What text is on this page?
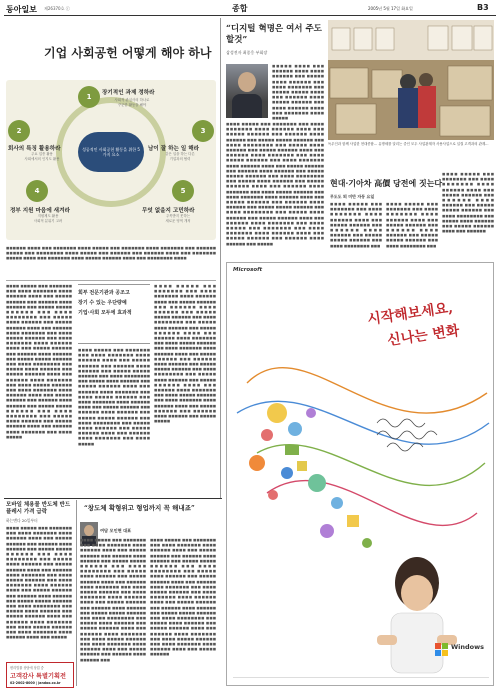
동아일보 제26370호 ⓒ	종합	2005년 5월 17일 화요일	B3
기업 사회공헌 어떻게 해야 하나
성공적인 사회공헌 활동을 위한 5가지 요소
1	장기적인 과제 정하라
사회적 관심사의 하나로
꾸준한 활동을 해야
2
회사의 특징 활용하라
주요 업종 활용
사회에서의 인지도 활용
3
남이 잘 하는 일 해라
같은 일을 하는 다른
기업과의 협력
4
정부 지원 마음에 새겨라
지원제도 활용
사회적 분위기 고려
5
무엇 없을지 고민하라
주목받지 못하는
새로운 영역 개척
■■■■■■ ■■■■ ■■■ ■■■■■■■ ■■■■ ■■■■■ ■■■ ■■■■■■■ ■■■■ ■■■■■■■ ■■■ ■■■■■■ ■■■■■ ■■■ ■■■■■■■■ ■■■■ ■■■■■ ■■■ ■■■■■■ ■■■ ■■■■■■ ■■■■ ■■■ ■■■■■■■ ■■■■■ ■■■■ ■■■ ■■■■■■■ ■■■■ ■■■■■ ■■■■■■ ■■■■ ■■■ ■■■■■■■■ ■■■■
■■■■ ■■■■■ ■■■ ■■■■■■■ ■■■ ■■■■ ■■■■■■■ ■■■■ ■■■■■■ ■■■■ ■■■ ■■■■■ ■■■■■■ ■■■ ■■■■■■ ■■■■ ■■■■■■ ■■■ ■■■■■ ■■■■■ ■■■■■■ ■■■ ■■■■ ■■■■■■■■ ■■■ ■■■■■ ■■■■ ■■■■■■ ■■■ ■■■■■ ■■■■■■ ■■■■ ■■■ ■■■■■■ ■■■■ ■■■■■■■ ■■■ ■■■■ ■■■■■ ■■■■■■ ■■■ ■■■■ ■■■■■■■ ■■■■ ■■■■■■ ■■■■ ■■■ ■■■■■ ■■■■■■ ■■■ ■■■■■■ ■■■■ ■■■■■■ ■■■ ■■■■■ ■■■■■ ■■■■■■ ■■■ ■■■■ ■■■■■■■■ ■■■ ■■■■■ ■■■■ ■■■■■■ ■■■ ■■■■■ ■■■■■■ ■■■■ ■■■ ■■■■■■ ■■■■ ■■■■■■■ ■■■ ■■■■ ■■■■■ ■■■■■■ ■■■ ■■■■ ■■■■■■■ ■■■■ ■■■■■■ ■■■■ ■■■ ■■■■■ ■■■■■■ ■■■ ■■■■■■ ■■■■ ■■■■■■ ■■■ ■■■■■ ■■■■■ ■■■■■■ ■■■ ■■■■ ■■■■■■■■ ■■■ ■■■■■ ■■■■ ■■■■■■ ■■■ ■■■■■ ■■■■■■ ■■■■ ■■■ ■■■■■■ ■■■■ ■■■■■■■ ■■■ ■■■■ ■■■■■
회부 전문기관과 공조고
장기 수 있는 우단량예
기업·사회 모두에 효과적
■■■■ ■■■■■ ■■■ ■■■■■■■ ■■■ ■■■■ ■■■■■■■ ■■■■ ■■■■■■ ■■■■ ■■■ ■■■■■ ■■■■■■ ■■■ ■■■■■■ ■■■■ ■■■■■■ ■■■ ■■■■■ ■■■■■ ■■■■■■ ■■■ ■■■■ ■■■■■■■■ ■■■ ■■■■■ ■■■■ ■■■■■■ ■■■ ■■■■■ ■■■■■■ ■■■■ ■■■ ■■■■■■ ■■■■ ■■■■■■■ ■■■ ■■■■ ■■■■■ ■■■■■■ ■■■ ■■■■ ■■■■■■■ ■■■■ ■■■■■■ ■■■■ ■■■ ■■■■■ ■■■■■■ ■■■ ■■■■■■ ■■■■ ■■■■■■ ■■■ ■■■■■ ■■■■■ ■■■■■■ ■■■ ■■■■ ■■■■■■■■ ■■■ ■■■■■ ■■■■ ■■■■■■ ■■■ ■■■■■ ■■■■■■ ■■■■ ■■■ ■■■■■■ ■■■■ ■■■■■■■ ■■■ ■■■■ ■■■■■
■■■■ ■■■■■ ■■■ ■■■■■■■ ■■■ ■■■■ ■■■■■■■ ■■■■ ■■■■■■ ■■■■ ■■■ ■■■■■ ■■■■■■ ■■■ ■■■■■■ ■■■■ ■■■■■■ ■■■ ■■■■■ ■■■■■ ■■■■■■ ■■■ ■■■■ ■■■■■■■■ ■■■ ■■■■■ ■■■■ ■■■■■■ ■■■ ■■■■■ ■■■■■■ ■■■■ ■■■ ■■■■■■ ■■■■ ■■■■■■■ ■■■ ■■■■ ■■■■■ ■■■■■■ ■■■ ■■■■ ■■■■■■■ ■■■■ ■■■■■■ ■■■■ ■■■ ■■■■■ ■■■■■■ ■■■ ■■■■■■ ■■■■ ■■■■■■ ■■■ ■■■■■ ■■■■■ ■■■■■■ ■■■ ■■■■ ■■■■■■■■ ■■■ ■■■■■ ■■■■ ■■■■■■ ■■■ ■■■■■ ■■■■■■ ■■■■ ■■■ ■■■■■■ ■■■■ ■■■■■■■ ■■■ ■■■■ ■■■■■ ■■■■■■ ■■■ ■■■■ ■■■■■■■ ■■■■ ■■■■■■ ■■■■ ■■■ ■■■■■ ■■■■■■ ■■■ ■■■■■■ ■■■■ ■■■■■■ ■■■ ■■■■■ ■■■■■
“디지털 혁명은 여서 주도할것”
삼성전자 최종웅 부회장
■■■■■ ■■■■ ■■■ ■■■■■■ ■■■■ ■■■■ ■■■■■■ ■■■ ■■■■■ ■■■■ ■■■■■■ ■■■ ■■■■ ■■■■■■■ ■■■ ■■■■■ ■■■■■ ■■■■ ■■■ ■■■■■■ ■■■■ ■■■■■ ■■■■■■ ■■■ ■■■■ ■■■■■■ ■■■■ ■■■ ■■■■■■■ ■■■■ ■■■■■
■■■■ ■■■■■ ■■■ ■■■■■■■ ■■■ ■■■■ ■■■■■■■ ■■■■ ■■■■■■ ■■■■ ■■■ ■■■■■ ■■■■■■ ■■■ ■■■■■■ ■■■■ ■■■■■■ ■■■ ■■■■■ ■■■■■ ■■■■■■ ■■■ ■■■■ ■■■■■■■■ ■■■ ■■■■■ ■■■■ ■■■■■■ ■■■ ■■■■■ ■■■■■■ ■■■■ ■■■ ■■■■■■ ■■■■ ■■■■■■■ ■■■ ■■■■ ■■■■■ ■■■■■■ ■■■ ■■■■ ■■■■■■■ ■■■■ ■■■■■■ ■■■■ ■■■ ■■■■■ ■■■■■■ ■■■ ■■■■■■ ■■■■ ■■■■■■ ■■■ ■■■■■ ■■■■■ ■■■■■■ ■■■ ■■■■ ■■■■■■■■ ■■■ ■■■■■ ■■■■ ■■■■■■ ■■■ ■■■■■ ■■■■■■ ■■■■ ■■■ ■■■■■■ ■■■■ ■■■■■■■ ■■■ ■■■■ ■■■■■ ■■■■■■ ■■■ ■■■■ ■■■■■■■ ■■■■ ■■■■■■ ■■■■ ■■■ ■■■■■ ■■■■■■ ■■■ ■■■■■■ ■■■■ ■■■■■■ ■■■ ■■■■■ ■■■■■ ■■■■■■ ■■■ ■■■■ ■■■■■■■■ ■■■ ■■■■■ ■■■■ ■■■■■■ ■■■ ■■■■■ ■■■■■■ ■■■■ ■■■ ■■■■■■ ■■■■ ■■■■■■■ ■■■ ■■■■ ■■■■■ ■■■ ■■■■■■■ ■■■ ■■■■ ■■■■■■■ ■■■■ ■■■■■■ ■■■■ ■■■ ■■■■■ ■■■■■■ ■■■ ■■■■■■ ■■■■ ■■■■■■ ■■■ ■■■■■
독무인과 함께 사업한 현대종합… 유명세를 알리는 중인 모두 사업관계자 사용사업으로 일컬 고객과의 관계…
현대·기아차 高價 당전에 짓는다
무도도 퇴 미만 자동 요일
■■■■ ■■■■■ ■■■ ■■■■■■■ ■■■ ■■■■ ■■■■■■■ ■■■■ ■■■■■■ ■■■■ ■■■ ■■■■■ ■■■■■■ ■■■ ■■■■■■ ■■■■ ■■■■■■ ■■■ ■■■■■ ■■■■■ ■■■■■■ ■■■ ■■■■ ■■■■■■■■ ■■■
■■■■ ■■■■■ ■■■ ■■■■■■■ ■■■ ■■■■ ■■■■■■■ ■■■■ ■■■■■■ ■■■■ ■■■ ■■■■■ ■■■■■■ ■■■ ■■■■■■ ■■■■ ■■■■■■ ■■■ ■■■■■ ■■■■■ ■■■■■■ ■■■ ■■■■ ■■■■■■■■ ■■■
■■■■ ■■■■■ ■■■ ■■■■■■■ ■■■ ■■■■ ■■■■■■■ ■■■■ ■■■■■■ ■■■■ ■■■ ■■■■■ ■■■■■■ ■■■ ■■■■■■ ■■■■ ■■■■■■ ■■■ ■■■■■ ■■■■■ ■■■■■■ ■■■ ■■■■ ■■■■■■■■ ■■■ ■■■■■ ■■■■ ■■■■■■ ■■■ ■■■■■ ■■■■■■ ■■■■ ■■■ ■■■■■■
Microsoft
시작해보세요,
신나는 변화
Windows
모바일 체용물 반도체 반드 플레시 가격 급락
하는맨다 20일부터
■■■■ ■■■■■ ■■■ ■■■■■■■ ■■■ ■■■■ ■■■■■■■ ■■■■ ■■■■■■ ■■■■ ■■■ ■■■■■ ■■■■■■ ■■■ ■■■■■■ ■■■■ ■■■■■■ ■■■ ■■■■■ ■■■■■ ■■■■■■ ■■■ ■■■■ ■■■■■■■■ ■■■ ■■■■■ ■■■■ ■■■■■■ ■■■ ■■■■■ ■■■■■■ ■■■■ ■■■ ■■■■■■ ■■■■ ■■■■■■■ ■■■ ■■■■ ■■■■■ ■■■■■■ ■■■ ■■■■ ■■■■■■■ ■■■■ ■■■■■■ ■■■■ ■■■ ■■■■■ ■■■■■■ ■■■ ■■■■■■ ■■■■ ■■■■■■ ■■■ ■■■■■ ■■■■■ ■■■■■■ ■■■ ■■■■ ■■■■■■■■ ■■■ ■■■■■ ■■■■ ■■■■■■ ■■■ ■■■■■ ■■■■■■ ■■■■ ■■■ ■■■■■■ ■■■■ ■■■■■■■ ■■■ ■■■■ ■■■■■ ■■■■■■ ■■■ ■■■■ ■■■■■■■ ■■■■ ■■■■■■ ■■■■ ■■■ ■■■■■
“창도체 확형위고 형업까지 꼭 해내죠”
여담 모인현 대표
■■■■ ■■■■■ ■■■ ■■■■■■■ ■■■ ■■■■ ■■■■■■■ ■■■■ ■■■■■■ ■■■■ ■■■ ■■■■■ ■■■■■■ ■■■ ■■■■■■ ■■■■ ■■■■■■ ■■■ ■■■■■ ■■■■■ ■■■■■■ ■■■ ■■■■ ■■■■■■■■ ■■■ ■■■■■ ■■■■ ■■■■■■ ■■■ ■■■■■ ■■■■■■ ■■■■ ■■■ ■■■■■■ ■■■■ ■■■■■■■ ■■■ ■■■■ ■■■■■ ■■■■■■ ■■■ ■■■■ ■■■■■■■ ■■■■ ■■■■■■ ■■■■ ■■■ ■■■■■ ■■■■■■ ■■■ ■■■■■■ ■■■■ ■■■■■■ ■■■ ■■■■■ ■■■■■ ■■■■■■ ■■■ ■■■■ ■■■■■■■■ ■■■ ■■■■■ ■■■■ ■■■■■■ ■■■ ■■■■■ ■■■■■■ ■■■■ ■■■ ■■■■■■ ■■■■ ■■■■■■■ ■■■ ■■■■ ■■■■■ ■■■■■■ ■■■ ■■■■ ■■■■■■■ ■■■■ ■■■■■■ ■■■■ ■■■ ■■■■■ ■■■■■■ ■■■ ■■■■■■ ■■■■ ■■■■■■ ■■■
■■■■ ■■■■■ ■■■ ■■■■■■■ ■■■ ■■■■ ■■■■■■■ ■■■■ ■■■■■■ ■■■■ ■■■ ■■■■■ ■■■■■■ ■■■ ■■■■■■ ■■■■ ■■■■■■ ■■■ ■■■■■ ■■■■■ ■■■■■■ ■■■ ■■■■ ■■■■■■■■ ■■■ ■■■■■ ■■■■ ■■■■■■ ■■■ ■■■■■ ■■■■■■ ■■■■ ■■■ ■■■■■■ ■■■■ ■■■■■■■ ■■■ ■■■■ ■■■■■ ■■■■■■ ■■■ ■■■■ ■■■■■■■ ■■■■ ■■■■■■ ■■■■ ■■■ ■■■■■ ■■■■■■ ■■■ ■■■■■■ ■■■■ ■■■■■■ ■■■ ■■■■■ ■■■■■ ■■■■■■ ■■■ ■■■■ ■■■■■■■■ ■■■ ■■■■■ ■■■■ ■■■■■■ ■■■ ■■■■■ ■■■■■■ ■■■■ ■■■ ■■■■■■ ■■■■ ■■■■■■■ ■■■ ■■■■ ■■■■■ ■■■■■■ ■■■ ■■■■ ■■■■■■■ ■■■■ ■■■■■■ ■■■■ ■■■ ■■■■■ ■■■■■■
변리법률 상담에 상업 중
고객감사 특별기획전
02-2002-8000 | jandoo.co.kr
